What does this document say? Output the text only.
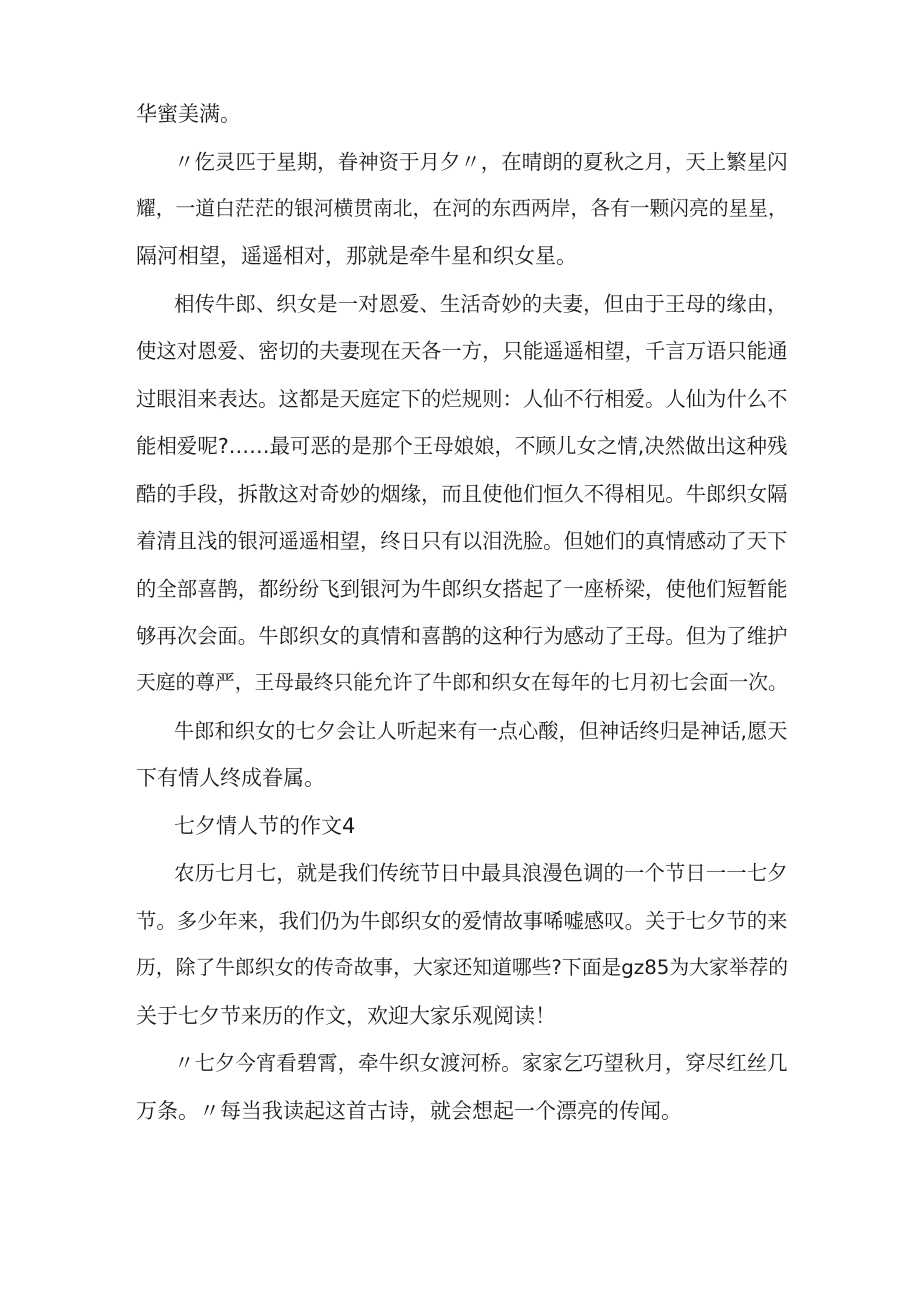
华蜜美满。
〃仡灵匹于星期，眷神资于月夕〃，在晴朗的夏秋之月，天上繁星闪
耀，一道白茫茫的银河横贯南北，在河的东西两岸，各有一颗闪亮的星星，
隔河相望，遥遥相对，那就是牵牛星和织女星。
相传牛郎、织女是一对恩爱、生活奇妙的夫妻，但由于王母的缘由，
使这对恩爱、密切的夫妻现在天各一方，只能遥遥相望，千言万语只能通
过眼泪来表达。这都是天庭定下的烂规则：人仙不行相爱。人仙为什么不
能相爱呢?……最可恶的是那个王母娘娘，不顾儿女之情,决然做出这种残
酷的手段，拆散这对奇妙的烟缘，而且使他们恒久不得相见。牛郎织女隔
着清且浅的银河遥遥相望，终日只有以泪洗脸。但她们的真情感动了天下
的全部喜鹊，都纷纷飞到银河为牛郎织女搭起了一座桥梁，使他们短暂能
够再次会面。牛郎织女的真情和喜鹊的这种行为感动了王母。但为了维护
天庭的尊严，王母最终只能允许了牛郎和织女在每年的七月初七会面一次。
牛郎和织女的七夕会让人听起来有一点心酸，但神话终归是神话,愿天
下有情人终成眷属。
七夕情人节的作文4
农历七月七，就是我们传统节日中最具浪漫色调的一个节日一一七夕
节。多少年来，我们仍为牛郎织女的爱情故事唏嘘感叹。关于七夕节的来
历，除了牛郎织女的传奇故事，大家还知道哪些?下面是gz85为大家举荐的
关于七夕节来历的作文，欢迎大家乐观阅读！
〃七夕今宵看碧霄，牵牛织女渡河桥。家家乞巧望秋月，穿尽红丝几
万条。〃每当我读起这首古诗，就会想起一个漂亮的传闻。
